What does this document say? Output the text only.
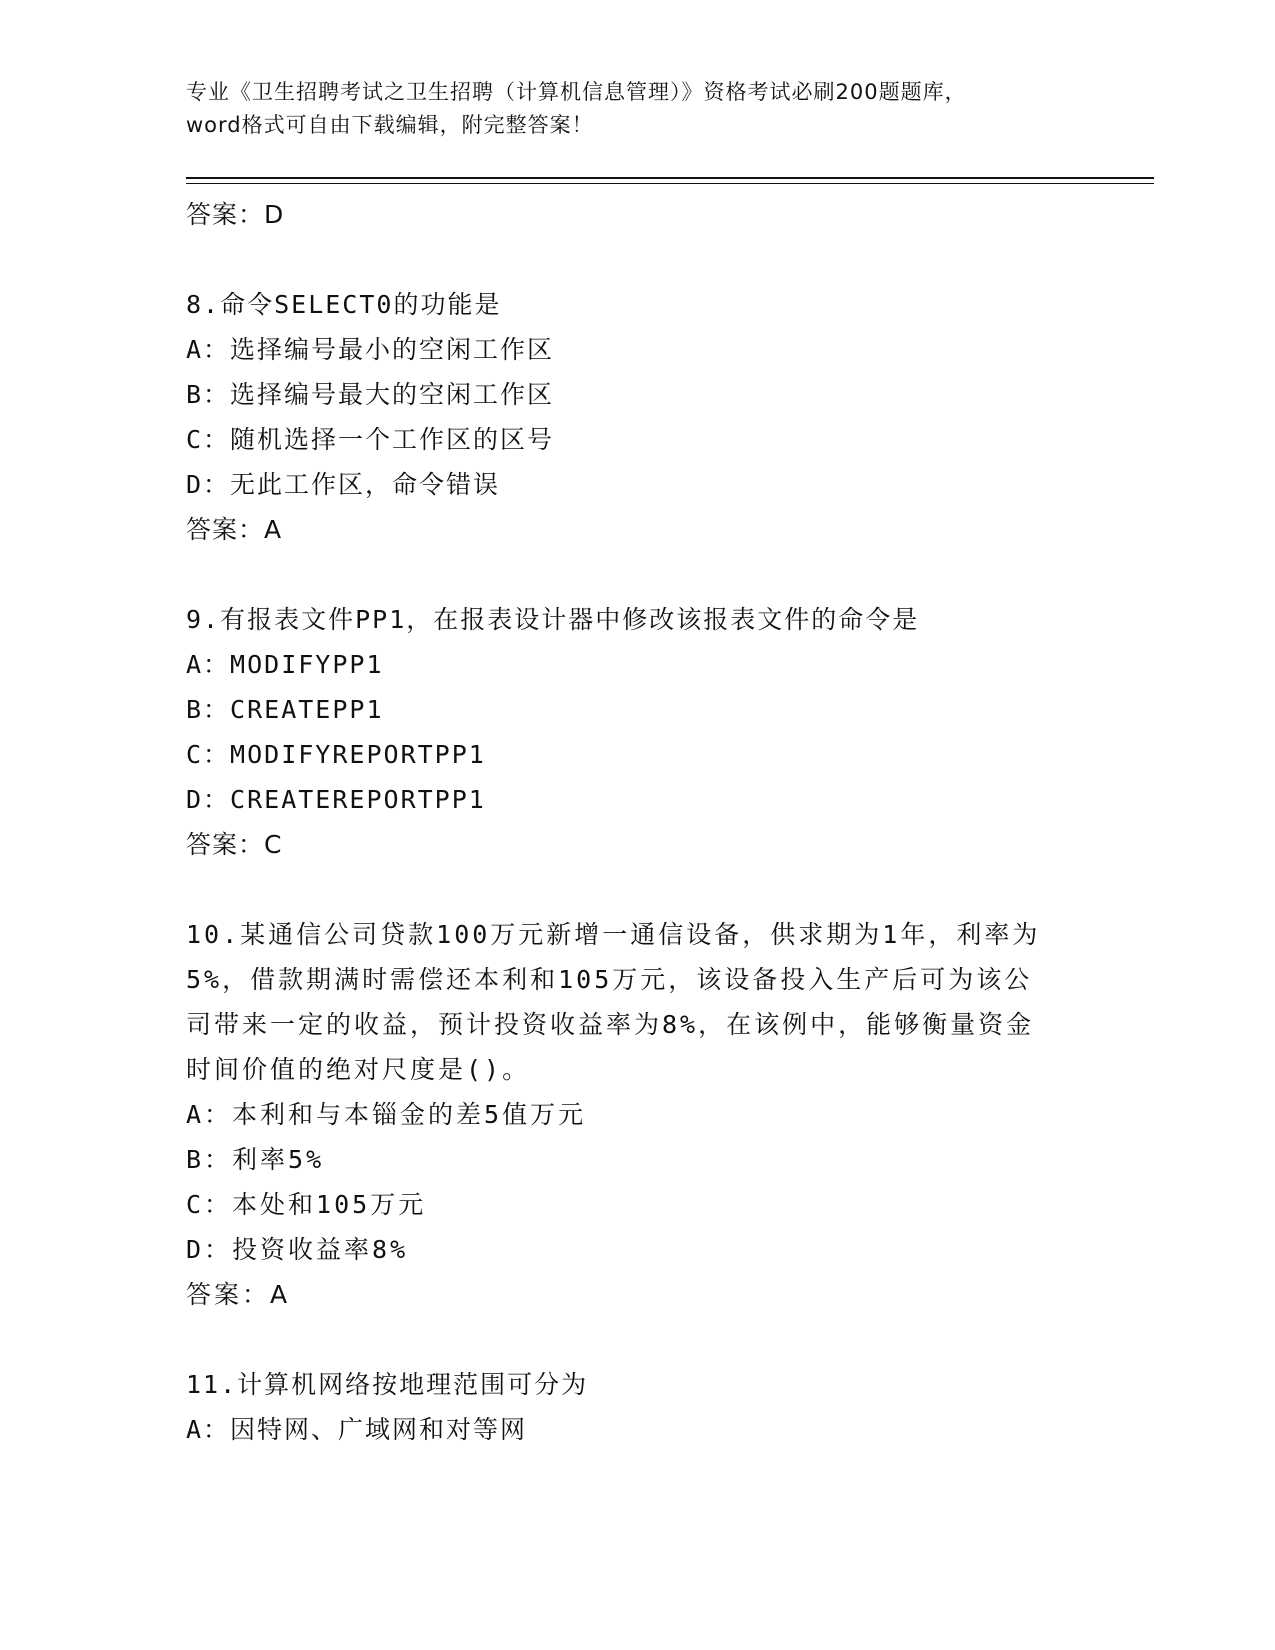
专业《卫生招聘考试之卫生招聘（计算机信息管理）》资格考试必刷200题题库，
word格式可自由下载编辑，附完整答案！
答案：D
8.命令SELECT0的功能是
A：选择编号最小的空闲工作区
B：选择编号最大的空闲工作区
C：随机选择一个工作区的区号
D：无此工作区，命令错误
答案：A
9.有报表文件PP1，在报表设计器中修改该报表文件的命令是
A：MODIFYPP1
B：CREATEPP1
C：MODIFYREPORTPP1
D：CREATEREPORTPP1
答案：C
10.某通信公司贷款100万元新增一通信设备，供求期为1年，利率为
5%，借款期满时需偿还本利和105万元，该设备投入生产后可为该公
司带来一定的收益，预计投资收益率为8%，在该例中，能够衡量资金
时间价值的绝对尺度是()。
A：本利和与本锱金的差5值万元
B：利率5%
C：本处和105万元
D：投资收益率8%
答案：A
11.计算机网络按地理范围可分为
A：因特网、广域网和对等网
